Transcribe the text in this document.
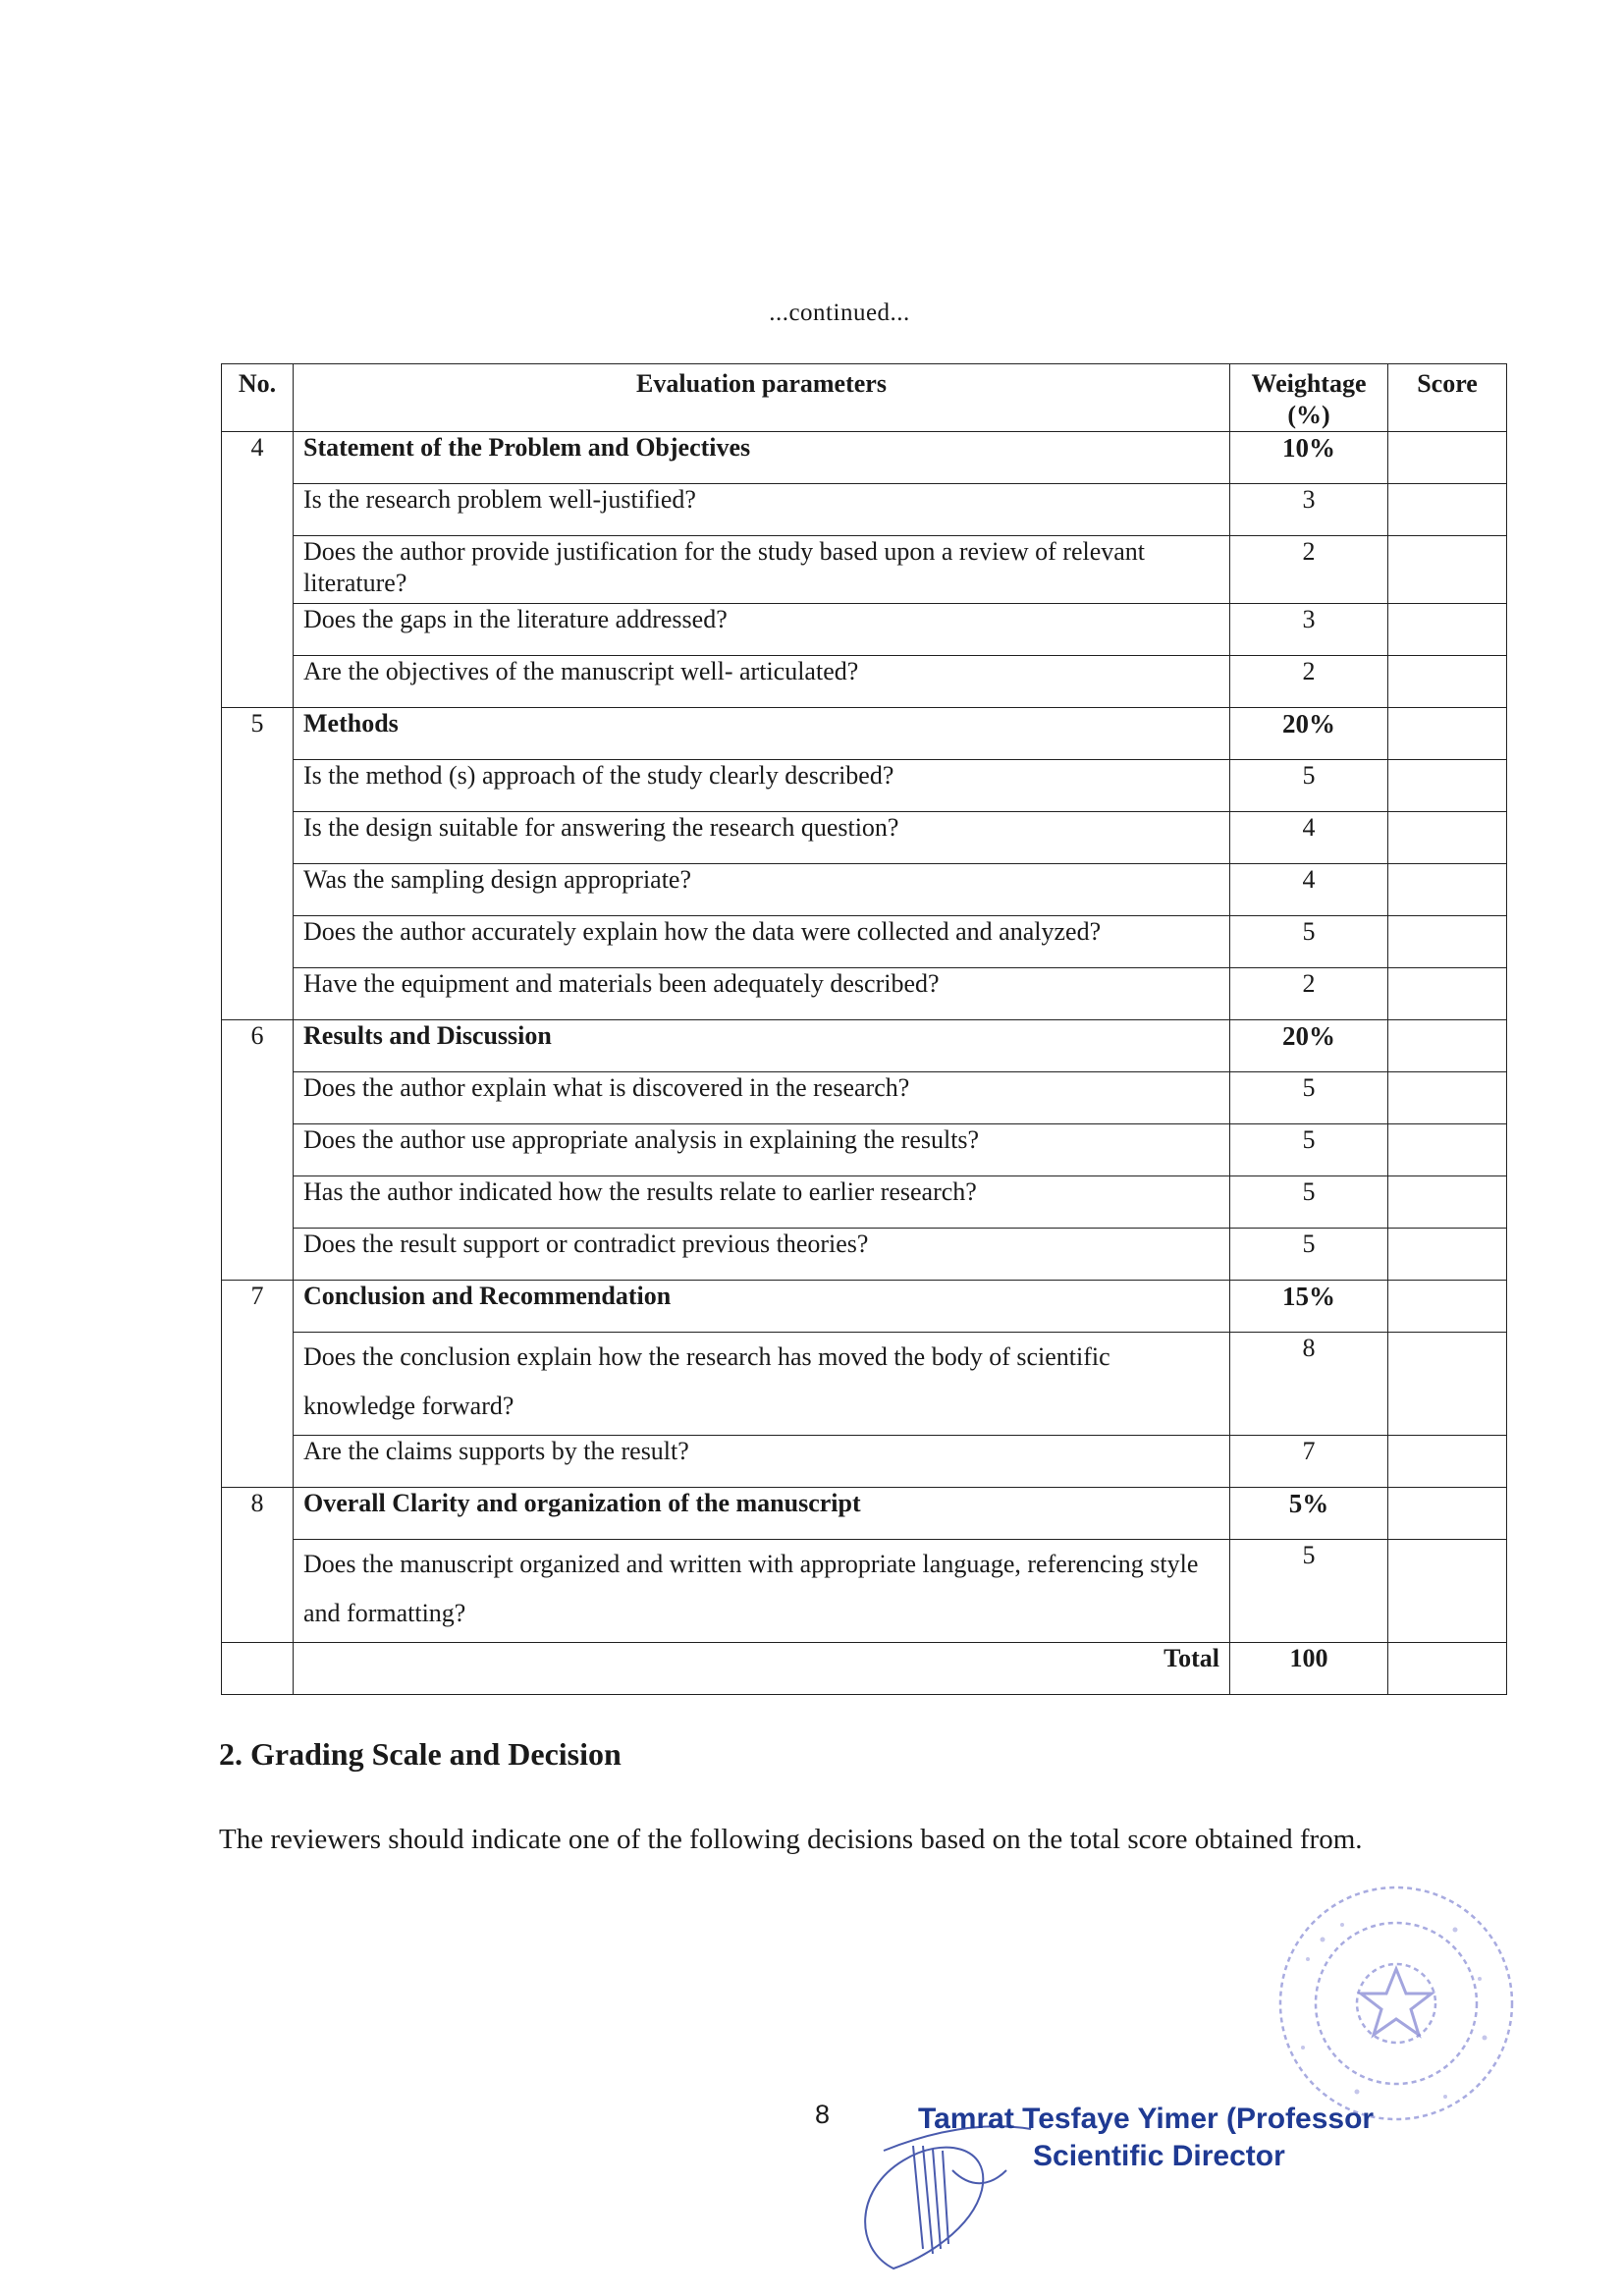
...continued...
No.	Evaluation parameters	Weightage (%)	Score
4	Statement of the Problem and Objectives	10%	
	Is the research problem well-justified?	3	
	Does the author provide justification for the study based upon a review of relevant literature?	2	
	Does the gaps in the literature addressed?	3	
	Are the objectives of the manuscript well- articulated?	2	
5	Methods	20%	
	Is the method (s) approach of the study clearly described?	5	
	Is the design suitable for answering the research question?	4	
	Was the sampling design appropriate?	4	
	Does the author accurately explain how the data were collected and analyzed?	5	
	Have the equipment and materials been adequately described?	2	
6	Results and Discussion	20%	
	Does the author explain what is discovered in the research?	5	
	Does the author use appropriate analysis in explaining the results?	5	
	Has the author indicated how the results relate to earlier research?	5	
	Does the result support or contradict previous theories?	5	
7	Conclusion and Recommendation	15%	
	Does the conclusion explain how the research has moved the body of scientific knowledge forward?	8	
	Are the claims supports by the result?	7	
8	Overall Clarity and organization of the manuscript	5%	
	Does the manuscript organized and written with appropriate language, referencing style and formatting?	5	
	Total	100	
2. Grading Scale and Decision
The reviewers should indicate one of the following decisions based on the total score obtained from.
8	Tamrat Tesfaye Yimer (Professor
Scientific Director
